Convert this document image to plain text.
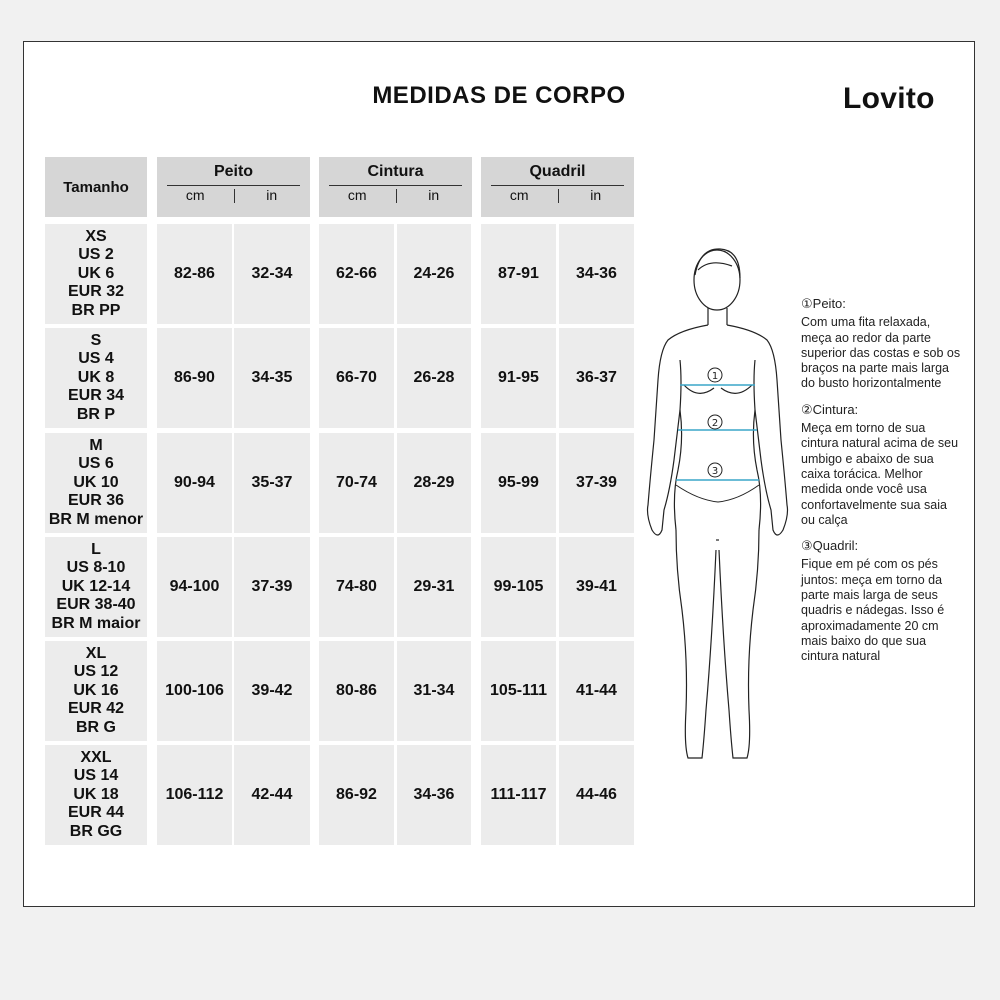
MEDIDAS DE CORPO	Lovito
Tamanho
Peito
cm	in
Cintura
cm	in
Quadril
cm	in
XS
US 2
UK 6
EUR 32
BR PP
82-86	32-34	62-66	24-26	87-91	34-36
S
US 4
UK 8
EUR 34
BR P
86-90	34-35	66-70	26-28	91-95	36-37
M
US 6
UK 10
EUR 36
BR M menor
90-94	35-37	70-74	28-29	95-99	37-39
L
US 8-10
UK 12-14
EUR 38-40
BR M maior
94-100	37-39	74-80	29-31	99-105	39-41
XL
US 12
UK 16
EUR 42
BR G
100-106	39-42	80-86	31-34	105-111	41-44
XXL
US 14
UK 18
EUR 44
BR GG
106-112	42-44	86-92	34-36	111-117	44-46
1
2
3
①Peito:

Com uma fita relaxada, meça ao redor da parte superior das costas e sob os braços na parte mais larga do busto horizontalmente

②Cintura:

Meça em torno de sua cintura natural acima de seu umbigo e abaixo de sua caixa torácica. Melhor medida onde você usa confortavelmente sua saia ou calça

③Quadril:

Fique em pé com os pés juntos: meça em torno da parte mais larga de seus quadris e nádegas. Isso é aproximadamente 20 cm mais baixo do que sua cintura natural
